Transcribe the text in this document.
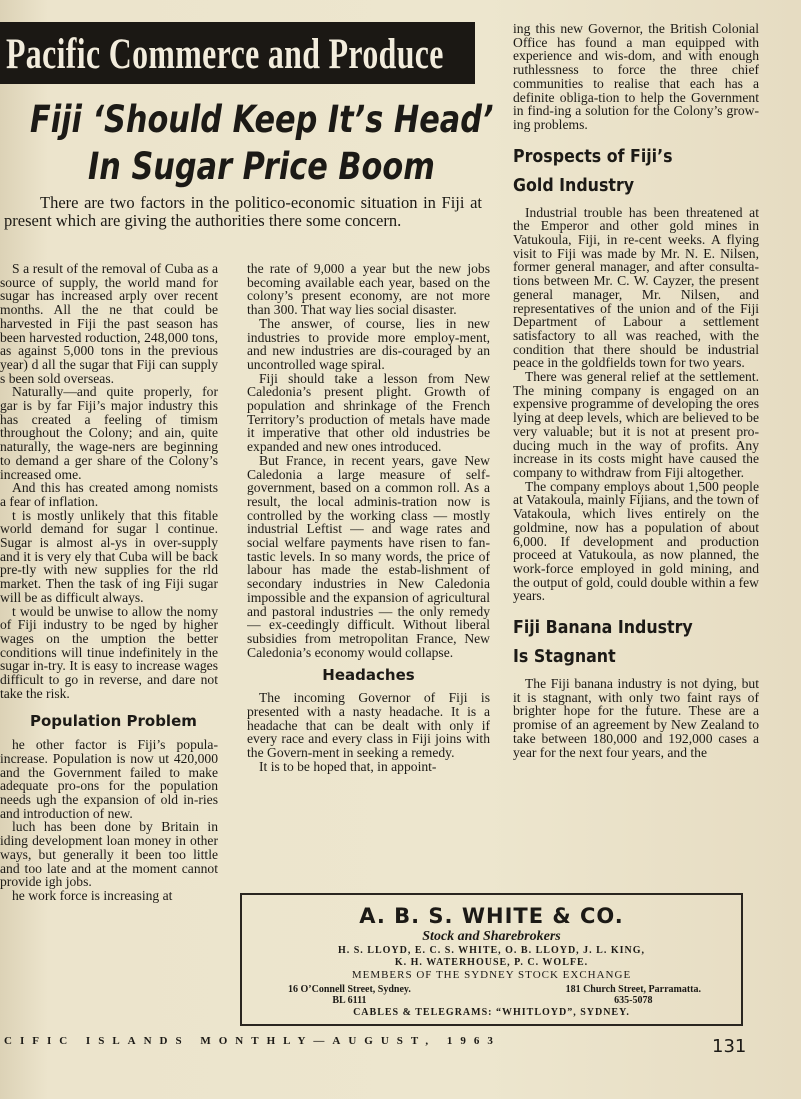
Pacific Commerce and Produce
Fiji ‘Should Keep It’s Head’
In Sugar Price Boom

There are two factors in the politico-economic situation in Fiji at present which are giving the authorities there some concern.

S a result of the removal of Cuba as a source of supply, the world mand for sugar has increased arply over recent months. All the ne that could be harvested in Fiji the past season has been harvested roduction, 248,000 tons, as against 5,000 tons in the previous year) d all the sugar that Fiji can supply s been sold overseas.

Naturally—and quite properly, for gar is by far Fiji’s major industry this has created a feeling of timism throughout the Colony; and ain, quite naturally, the wage-ners are beginning to demand a ger share of the Colony’s increased ome.

And this has created among nomists a fear of inflation.

t is mostly unlikely that this fitable world demand for sugar l continue. Sugar is almost al-ys in over-supply and it is very ely that Cuba will be back pre-tly with new supplies for the rld market. Then the task of ing Fiji sugar will be as difficult always.

t would be unwise to allow the nomy of Fiji industry to be nged by higher wages on the umption the better conditions will tinue indefinitely in the sugar in-try. It is easy to increase wages difficult to go in reverse, and dare not take the risk.

Population Problem

he other factor is Fiji’s popula-increase. Population is now ut 420,000 and the Government failed to make adequate pro-ons for the population needs ugh the expansion of old in-ries and introduction of new.

luch has been done by Britain in iding development loan money in other ways, but generally it been too little and too late and at the moment cannot provide igh jobs.

he work force is increasing at

the rate of 9,000 a year but the new jobs becoming available each year, based on the colony’s present economy, are not more than 300. That way lies social disaster.

The answer, of course, lies in new industries to provide more employ-ment, and new industries are dis-couraged by an uncontrolled wage spiral.

Fiji should take a lesson from New Caledonia’s present plight. Growth of population and shrinkage of the French Territory’s production of metals have made it imperative that other old industries be expanded and new ones introduced.

But France, in recent years, gave New Caledonia a large measure of self-government, based on a common roll. As a result, the local adminis-tration now is controlled by the working class — mostly industrial Leftist — and wage rates and social welfare payments have risen to fan-tastic levels. In so many words, the price of labour has made the estab-lishment of secondary industries in New Caledonia impossible and the expansion of agricultural and pastoral industries — the only remedy — ex-ceedingly difficult. Without liberal subsidies from metropolitan France, New Caledonia’s economy would collapse.

Headaches

The incoming Governor of Fiji is presented with a nasty headache. It is a headache that can be dealt with only if every race and every class in Fiji joins with the Govern-ment in seeking a remedy.

It is to be hoped that, in appoint-

ing this new Governor, the British Colonial Office has found a man equipped with experience and wis-dom, and with enough ruthlessness to force the three chief communities to realise that each has a definite obliga-tion to help the Government in find-ing a solution for the Colony’s grow-ing problems.

Prospects of Fiji’s
Gold Industry

Industrial trouble has been threatened at the Emperor and other gold mines in Vatukoula, Fiji, in re-cent weeks. A flying visit to Fiji was made by Mr. N. E. Nilsen, former general manager, and after consulta-tions between Mr. C. W. Cayzer, the present general manager, Mr. Nilsen, and representatives of the union and of the Fiji Department of Labour a settlement satisfactory to all was reached, with the condition that there should be industrial peace in the goldfields town for two years.

There was general relief at the settlement. The mining company is engaged on an expensive programme of developing the ores lying at deep levels, which are believed to be very valuable; but it is not at present pro-ducing much in the way of profits. Any increase in its costs might have caused the company to withdraw from Fiji altogether.

The company employs about 1,500 people at Vatakoula, mainly Fijians, and the town of Vatakoula, which lives entirely on the goldmine, now has a population of about 6,000. If development and production proceed at Vatukoula, as now planned, the work-force employed in gold mining, and the output of gold, could double within a few years.

Fiji Banana Industry
Is Stagnant

The Fiji banana industry is not dying, but it is stagnant, with only two faint rays of brighter hope for the future. These are a promise of an agreement by New Zealand to take between 180,000 and 192,000 cases a year for the next four years, and the

A. B. S. WHITE & CO.
Stock and Sharebrokers
H. S. LLOYD, E. C. S. WHITE, O. B. LLOYD, J. L. KING,
K. H. WATERHOUSE, P. C. WOLFE.
MEMBERS OF THE SYDNEY STOCK EXCHANGE
16 O’Connell Street, Sydney.
BL 6111
181 Church Street, Parramatta.
635-5078
CABLES & TELEGRAMS: “WHITLOYD”, SYDNEY.
CIFIC ISLANDS MONTHLY—AUGUST, 1963	131
